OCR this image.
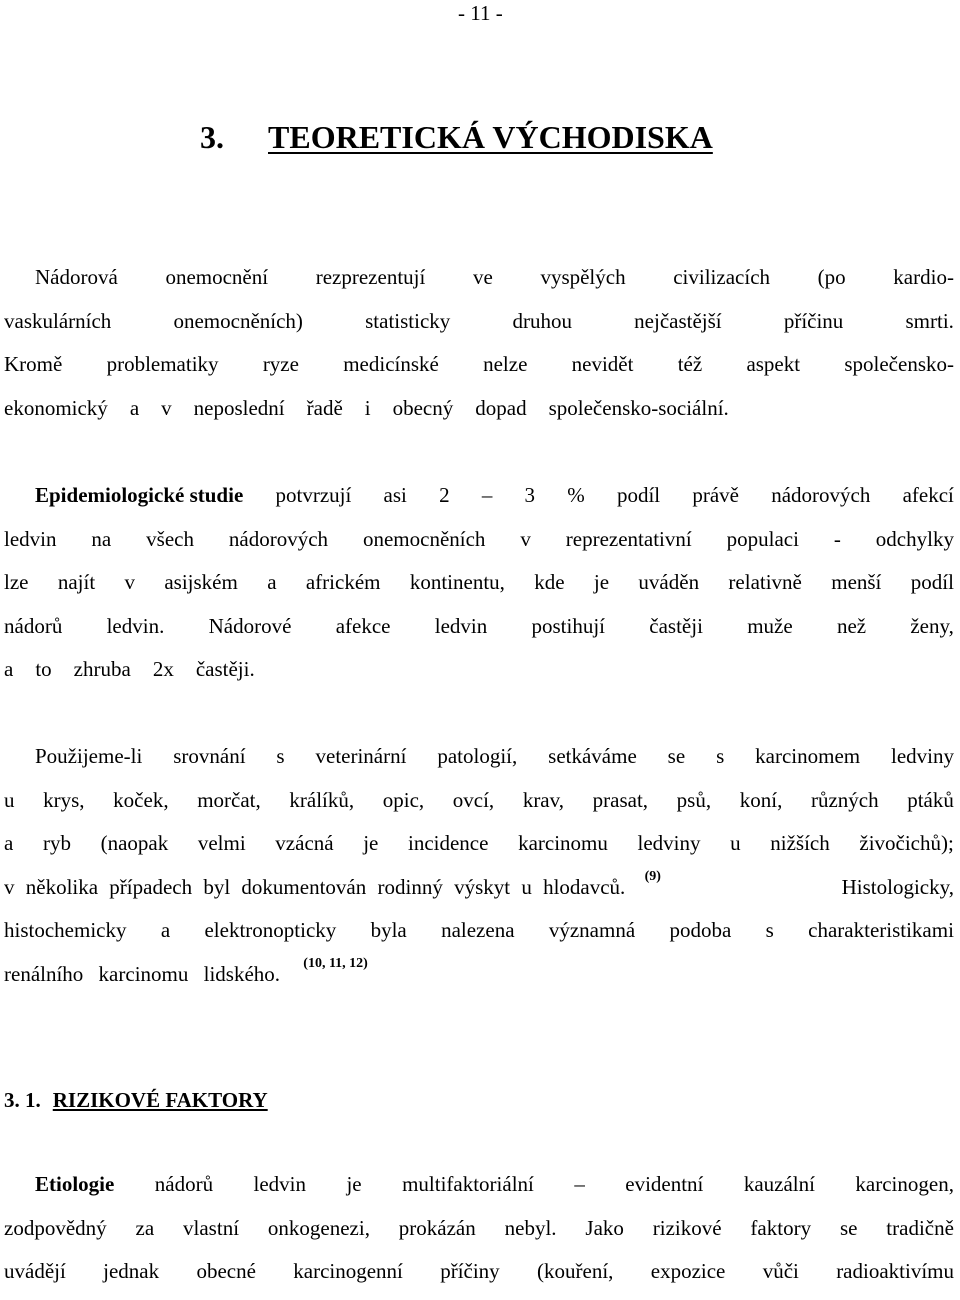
- 11 -
3. TEORETICKÁ VÝCHODISKA
Nádorová onemocnění rezprezentují ve vyspělých civilizacích (po kardio-
vaskulárních	onemocněních)	statisticky	druhou	nejčastější	příčinu	smrti.
Kromě problematiky ryze medicínské nelze nevidět též aspekt společensko-
ekonomický a v neposlední řadě i obecný dopad společensko-sociální.
Epidemiologické studie potvrzují asi 2 – 3 % podíl právě nádorových afekcí
ledvin na všech nádorových onemocněních v reprezentativní populaci - odchylky
lze najít v asijském a africkém kontinentu, kde je uváděn relativně menší podíl
nádorů ledvin. Nádorové afekce ledvin postihují častěji muže než ženy,
a to zhruba 2x častěji.
Použijeme-li srovnání s veterinární patologií, setkáváme se s karcinomem ledviny
u krys, koček, morčat, králíků, opic, ovcí, krav, prasat, psů, koní, různých ptáků
a ryb (naopak velmi vzácná je incidence karcinomu ledviny u nižších živočichů);
v několika případech byl dokumentován rodinný výskyt u hlodavců. $^{(9)}$	Histologicky,
histochemicky a elektronopticky byla nalezena významná podoba s charakteristikami
renálního karcinomu lidského. $^{(10, 11, 12)}$
3. 1. RIZIKOVÉ FAKTORY
Etiologie nádorů ledvin je multifaktoriální – evidentní kauzální karcinogen,
zodpovědný za vlastní onkogenezi, prokázán nebyl. Jako rizikové faktory se tradičně
uvádějí jednak obecné karcinogenní příčiny (kouření, expozice vůči radioaktivímu
